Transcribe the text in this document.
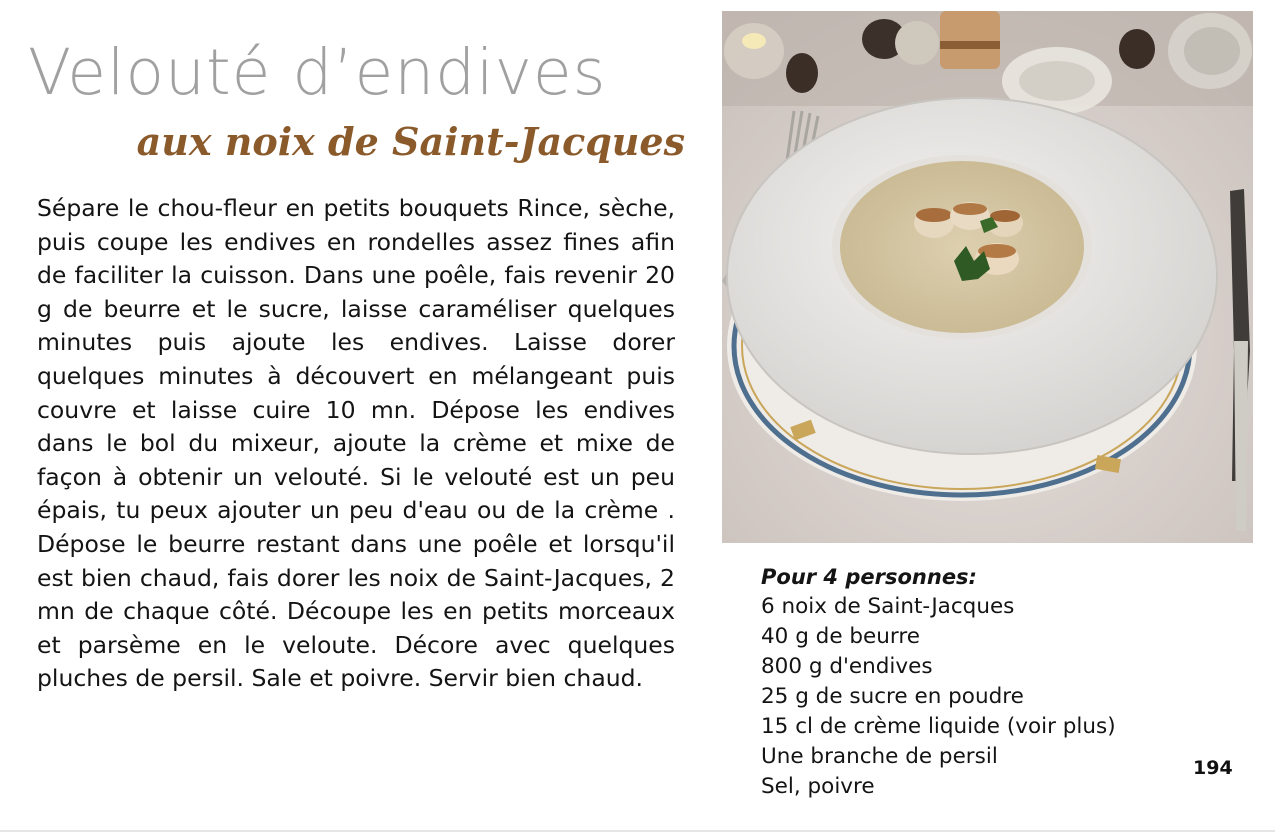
Velouté d’endives
aux noix de Saint-Jacques

Sépare le chou-fleur en petits bouquets Rince, sèche, puis coupe les endives en rondelles assez fines afin de faciliter la cuisson. Dans une poêle, fais revenir 20 g de beurre et le sucre, laisse caraméliser quelques minutes puis ajoute les endives. Laisse dorer quelques minutes à découvert en mélangeant puis couvre et laisse cuire 10 mn. Dépose les endives dans le bol du mixeur, ajoute la crème et mixe de façon à obtenir un velouté. Si le velouté est un peu épais, tu peux ajouter un peu d'eau ou de la crème . Dépose le beurre restant dans une poêle et lorsqu'il est bien chaud, fais dorer les noix de Saint-Jacques, 2 mn de chaque côté. Découpe les en petits morceaux et parsème en le veloute. Décore avec quelques pluches de persil. Sale et poivre. Servir bien chaud.

Pour 4 personnes:
6 noix de Saint-Jacques
40 g de beurre
800 g d'endives
25 g de sucre en poudre
15 cl de crème liquide (voir plus)
Une branche de persil
Sel, poivre
194
